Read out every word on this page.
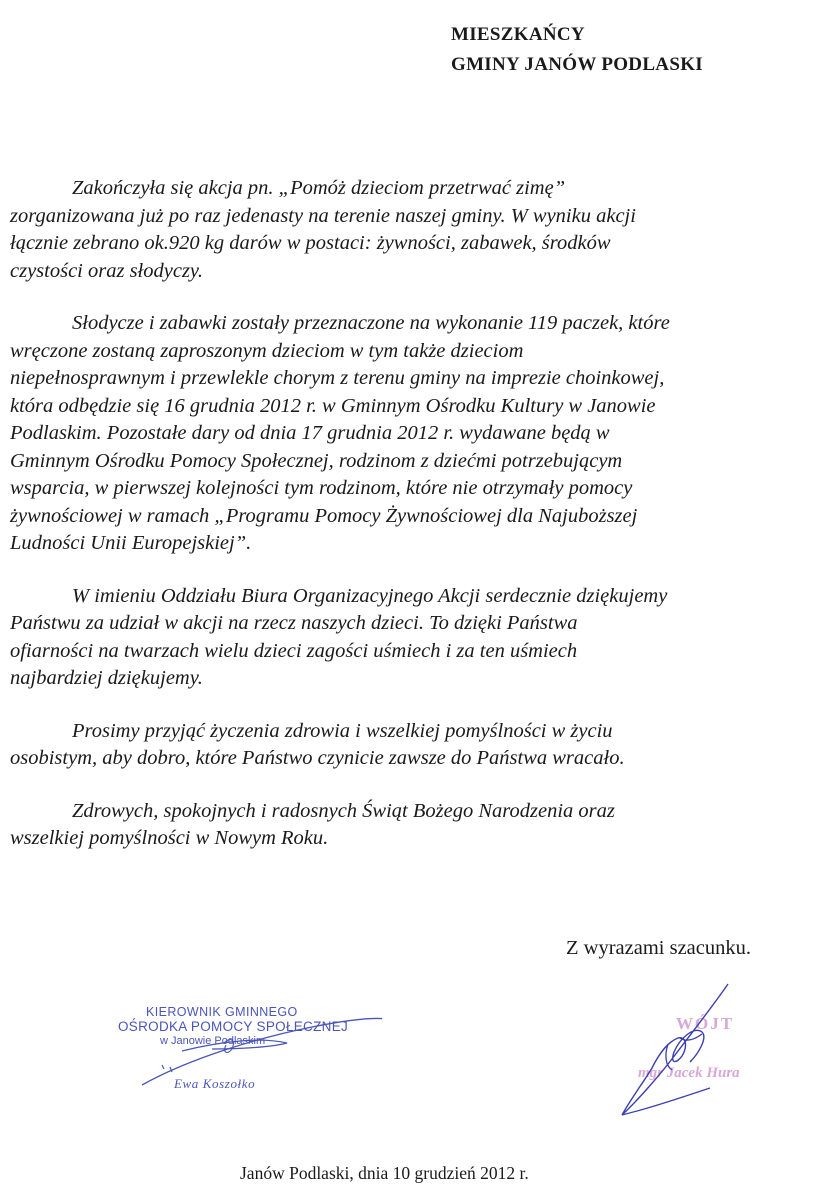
MIESZKAŃCY
GMINY JANÓW PODLASKI
Zakończyła się akcja pn. „Pomóż dzieciom przetrwać zimę”
zorganizowana już po raz jedenasty na terenie naszej gminy. W wyniku akcji
łącznie zebrano ok.920 kg darów w postaci: żywności, zabawek, środków
czystości oraz słodyczy.
Słodycze i zabawki zostały przeznaczone na wykonanie 119 paczek, które
wręczone zostaną zaproszonym dzieciom w tym także dzieciom
niepełnosprawnym i przewlekle chorym z terenu gminy na imprezie choinkowej,
która odbędzie się 16 grudnia 2012 r. w Gminnym Ośrodku Kultury w Janowie
Podlaskim. Pozostałe dary od dnia 17 grudnia 2012 r. wydawane będą w
Gminnym Ośrodku Pomocy Społecznej, rodzinom z dziećmi potrzebującym
wsparcia, w pierwszej kolejności tym rodzinom, które nie otrzymały pomocy
żywnościowej w ramach „Programu Pomocy Żywnościowej dla Najuboższej
Ludności Unii Europejskiej”.
W imieniu Oddziału Biura Organizacyjnego Akcji serdecznie dziękujemy
Państwu za udział w akcji na rzecz naszych dzieci. To dzięki Państwa
ofiarności na twarzach wielu dzieci zagości uśmiech i za ten uśmiech
najbardziej dziękujemy.
Prosimy przyjąć życzenia zdrowia i wszelkiej pomyślności w życiu
osobistym, aby dobro, które Państwo czynicie zawsze do Państwa wracało.
Zdrowych, spokojnych i radosnych Świąt Bożego Narodzenia oraz
wszelkiej pomyślności w Nowym Roku.
Z wyrazami szacunku.
KIEROWNIK GMINNEGO
OŚRODKA POMOCY SPOŁECZNEJ
w Janowie Podlaskim
Ewa Koszołko
WÓJT
mgr Jacek Hura
Janów Podlaski, dnia 10 grudzień 2012 r.
